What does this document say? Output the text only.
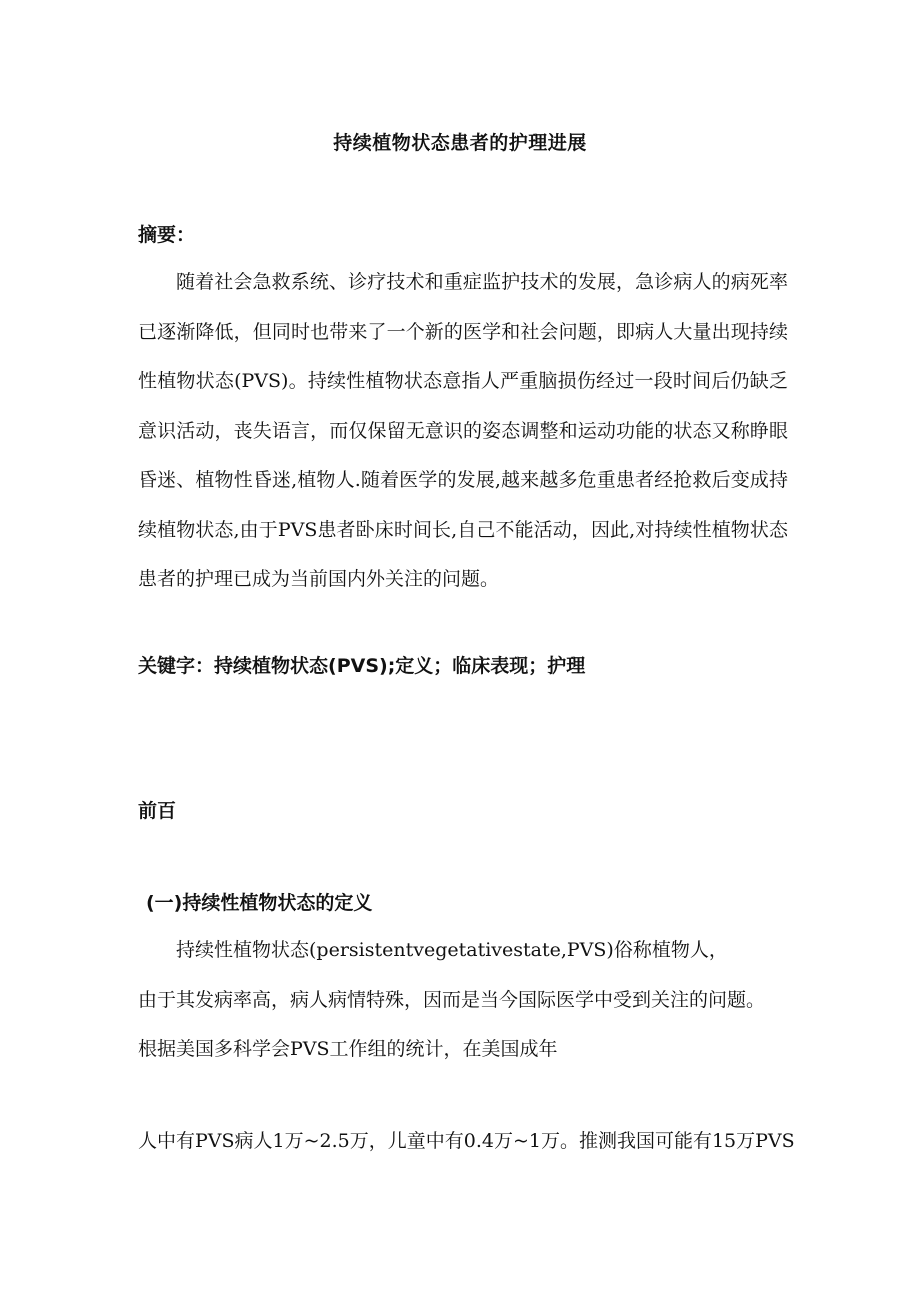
持续植物状态患者的护理进展
摘要：

随着社会急救系统、诊疗技术和重症监护技术的发展，急诊病人的病死率已逐渐降低，但同时也带来了一个新的医学和社会问题，即病人大量出现持续性植物状态(PVS)。持续性植物状态意指人严重脑损伤经过一段时间后仍缺乏意识活动，丧失语言，而仅保留无意识的姿态调整和运动功能的状态又称睁眼昏迷、植物性昏迷,植物人.随着医学的发展,越来越多危重患者经抢救后变成持续植物状态,由于PVS患者卧床时间长,自己不能活动，因此,对持续性植物状态患者的护理已成为当前国内外关注的问题。

关键字：持续植物状态(PVS);定义；临床表现；护理
前百
(一)持续性植物状态的定义
持续性植物状态(persistentvegetativestate,PVS)俗称植物人，
由于其发病率高，病人病情特殊，因而是当今国际医学中受到关注的问题。
根据美国多科学会PVS工作组的统计，在美国成年
人中有PVS病人1万~2.5万，儿童中有0.4万~1万。推测我国可能有15万PVS
